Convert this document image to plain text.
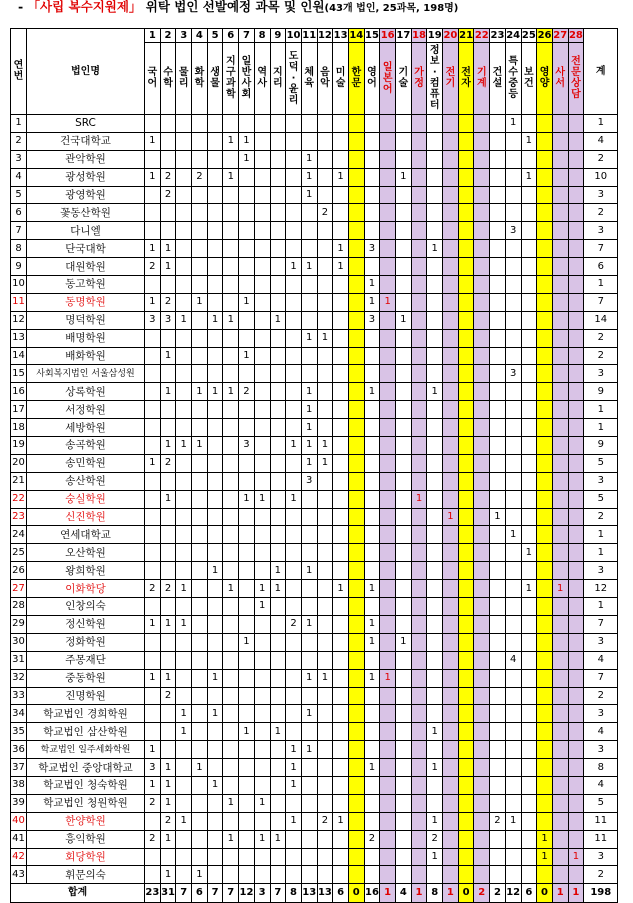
- 「사립 복수지원제」 위탁 법인 선발예정 과목 및 인원(43개 법인, 25과목, 198명)
연번	법인명	1	2	3	4	5	6	7	8	9	10	11	12	13	14	15	16	17	18	19	20	21	22	23	24	25	26	27	28	계
		국어	수학	물리	화학	생물	지구과학	일반사회	역사	지리	도덕·윤리	체육	음악	미술	한문	영어	일본어	기술	가정	정보·컴퓨터	전기	전자	기계	건설	특수중등	보건	영양	사서	전문상담	
1	SRC																								1					1
2	건국대학교	1					1	1																		1				4
3	관악학원							1				1																		2
4	광성학원	1	2		2		1					1		1				1								1				10
5	광영학원		2									1																		3
6	꽃동산학원												2																	2
7	다니엘																								3					3
8	단국대학	1	1											1		3				1										7
9	대원학원	2	1								1	1		1																6
10	동고학원															1														1
11	동명학원	1	2		1			1								1	1													7
12	명덕학원	3	3	1		1	1			1						3		1												14
13	배명학원											1	1																	2
14	배화학원		1					1																						2
15	사회복지법인 서울삼성원																								3					3
16	상록학원		1		1	1	1	2				1				1				1										9
17	서정학원											1																		1
18	세방학원											1																		1
19	송곡학원		1	1	1			3			1	1	1																	9
20	송민학원	1	2									1	1																	5
21	송산학원											3																		3
22	숭실학원		1					1	1		1								1											5
23	신진학원																				1			1						2
24	연세대학교																								1					1
25	오산학원																									1				1
26	왕희학원					1				1		1																		3
27	이화학당	2	2	1			1		1	1				1		1										1		1		12
28	인창의숙								1																					1
29	정신학원	1	1	1							2	1				1														7
30	정화학원							1								1		1												3
31	주몽재단																								4					4
32	중동학원	1	1			1						1	1			1	1													7
33	진명학원		2																											2
34	학교법인 경희학원			1		1						1																		3
35	학교법인 삼산학원			1				1		1										1										4
36	학교법인 일주세화학원	1									1	1																		3
37	학교법인 중앙대학교	3	1		1						1					1				1										8
38	학교법인 청숙학원	1	1			1					1																			4
39	학교법인 청원학원	2	1				1		1																					5
40	한양학원		2	1							1		2	1						1				2	1					11
41	흥익학원	2	1				1		1	1						2				2							1			11
42	회당학원																			1							1		1	3
43	휘문의숙		1		1																									2
합계		23	31	7	6	7	7	12	3	7	8	13	13	6	0	16	1	4	1	8	1	0	2	2	12	6	0	1	1	198
